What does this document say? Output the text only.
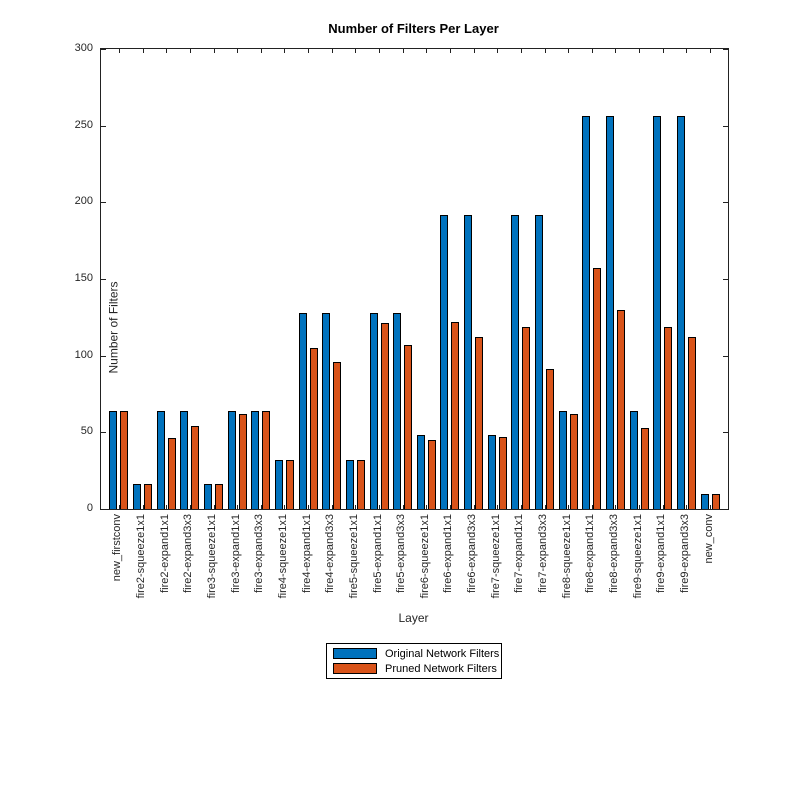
Number of Filters Per Layer
Number of Filters
0
50
100
150
200
250
300
new_firstconv fire2-squeeze1x1 fire2-expand1x1 fire2-expand3x3 fire3-squeeze1x1 fire3-expand1x1 fire3-expand3x3 fire4-squeeze1x1 fire4-expand1x1 fire4-expand3x3 fire5-squeeze1x1 fire5-expand1x1 fire5-expand3x3 fire6-squeeze1x1 fire6-expand1x1 fire6-expand3x3 fire7-squeeze1x1 fire7-expand1x1 fire7-expand3x3 fire8-squeeze1x1 fire8-expand1x1 fire8-expand3x3 fire9-squeeze1x1 fire9-expand1x1 fire9-expand3x3 new_conv
Layer
Original Network Filters
Pruned Network Filters
